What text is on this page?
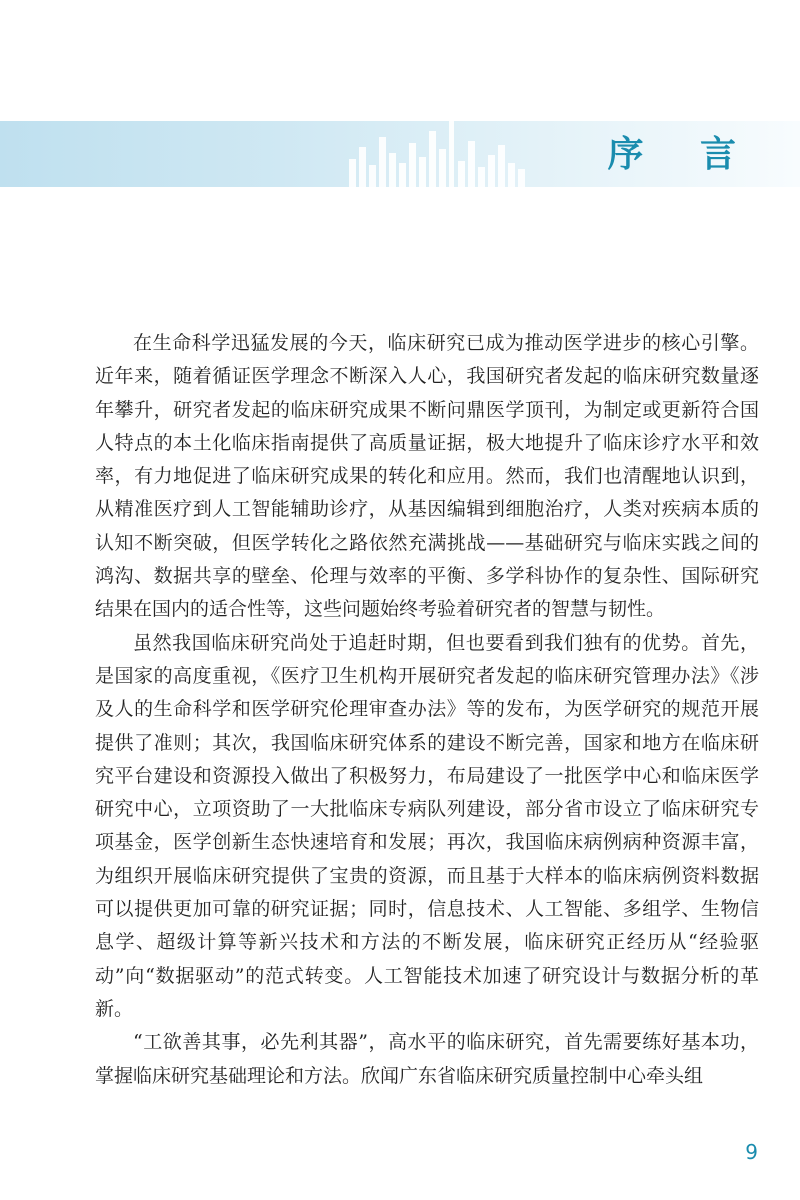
序 言

在生命科学迅猛发展的今天，临床研究已成为推动医学进步的核心引擎。近年来，随着循证医学理念不断深入人心，我国研究者发起的临床研究数量逐年攀升，研究者发起的临床研究成果不断问鼎医学顶刊，为制定或更新符合国人特点的本土化临床指南提供了高质量证据，极大地提升了临床诊疗水平和效率，有力地促进了临床研究成果的转化和应用。然而，我们也清醒地认识到，从精准医疗到人工智能辅助诊疗，从基因编辑到细胞治疗，人类对疾病本质的认知不断突破，但医学转化之路依然充满挑战——基础研究与临床实践之间的鸿沟、数据共享的壁垒、伦理与效率的平衡、多学科协作的复杂性、国际研究结果在国内的适合性等，这些问题始终考验着研究者的智慧与韧性。

虽然我国临床研究尚处于追赶时期，但也要看到我们独有的优势。首先，是国家的高度重视，《医疗卫生机构开展研究者发起的临床研究管理办法》《涉及人的生命科学和医学研究伦理审查办法》等的发布，为医学研究的规范开展提供了准则；其次，我国临床研究体系的建设不断完善，国家和地方在临床研究平台建设和资源投入做出了积极努力，布局建设了一批医学中心和临床医学研究中心，立项资助了一大批临床专病队列建设，部分省市设立了临床研究专项基金，医学创新生态快速培育和发展；再次，我国临床病例病种资源丰富，为组织开展临床研究提供了宝贵的资源，而且基于大样本的临床病例资料数据可以提供更加可靠的研究证据；同时，信息技术、人工智能、多组学、生物信息学、超级计算等新兴技术和方法的不断发展，临床研究正经历从“经验驱动”向“数据驱动”的范式转变。人工智能技术加速了研究设计与数据分析的革新。

“工欲善其事，必先利其器”，高水平的临床研究，首先需要练好基本功，掌握临床研究基础理论和方法。欣闻广东省临床研究质量控制中心牵头组

9
